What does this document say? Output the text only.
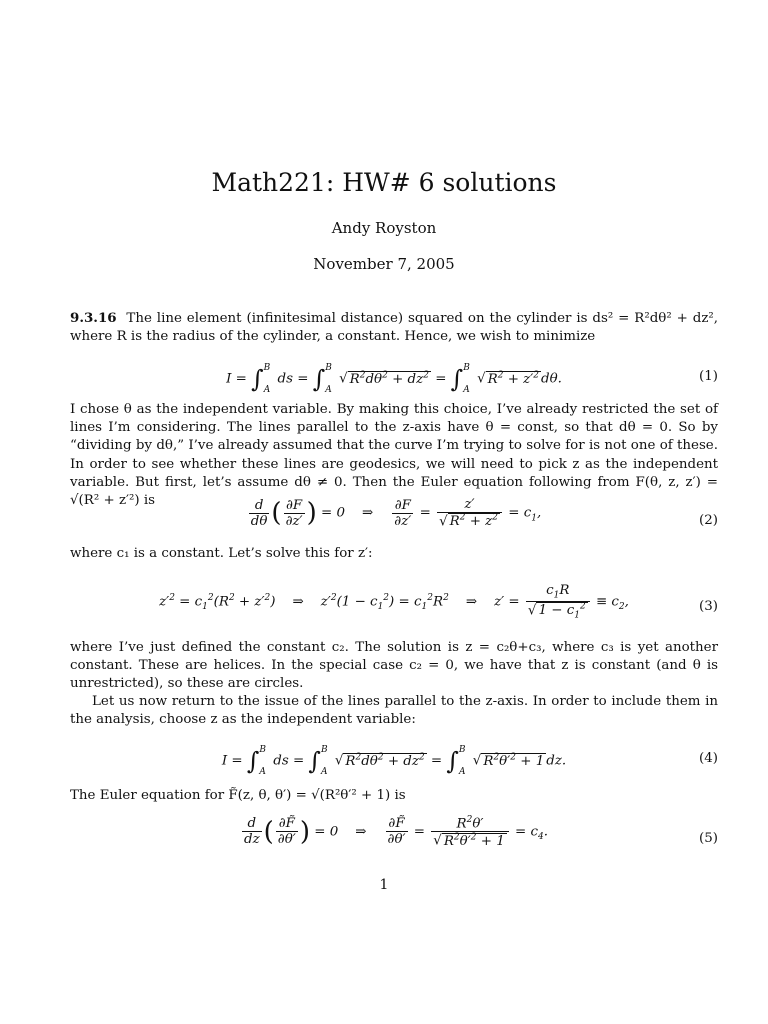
Math221: HW# 6 solutions
Andy Royston
November 7, 2005
9.3.16 The line element (infinitesimal distance) squared on the cylinder is ds² = R²dθ² + dz², where R is the radius of the cylinder, a constant. Hence, we wish to minimize
I = ∫ B
A
ds = ∫ B
A
√ $R^2d\theta^2 + dz^2$ = ∫ B
A
√ $R^2 + z'^2$ dθ.	(1)
I chose θ as the independent variable. By making this choice, I’ve already restricted the set of lines I’m considering. The lines parallel to the z-axis have θ = const, so that dθ = 0. So by “dividing by dθ,” I’ve already assumed that the curve I’m trying to solve for is not one of these. In order to see whether these lines are geodesics, we will need to pick z as the independent variable. But first, let’s assume dθ ≠ 0. Then the Euler equation following from F(θ, z, z′) = √(R² + z′²) is	$\frac{d}{d\theta}$ ( $\frac{\partial F}{\partial z'}$ ) = 0    ⇒ $\frac{\partial F}{\partial z'} = \frac{z'}{√ R^2 + z^2} = c_1$,	(2)
where c₁ is a constant. Let’s solve this for z′:
$z'^2 = c_1^2(R^2 + z'^2)$    ⇒    $z'^2(1 - c_1^2) = c_1^2R^2$    ⇒    $z' = \frac{c_1R}{√ 1 - c_1^2} \equiv c_2$,	(3)
where I’ve just defined the constant c₂. The solution is z = c₂θ+c₃, where c₃ is yet another constant. These are helices. In the special case c₂ = 0, we have that z is constant (and θ is unrestricted), so these are circles.
Let us now return to the issue of the lines parallel to the z-axis. In order to include them in the analysis, choose z as the independent variable:
I = ∫ B
A
ds = ∫ B
A
√ $R^2d\theta^2 + dz^2$ = ∫ B
A
√ $R^2\theta'^2 + 1$ dz.	(4)
The Euler equation for F̃(z, θ, θ′) = √(R²θ′² + 1) is
$\frac{d}{dz}$ ( $\frac{\partial F̃}{\partial\theta'}$ ) = 0    ⇒ $\frac{\partial F̃}{\partial\theta'} = \frac{R^2\theta'}{√ R^2\theta'^2 + 1} = c_4$.	(5)
1
